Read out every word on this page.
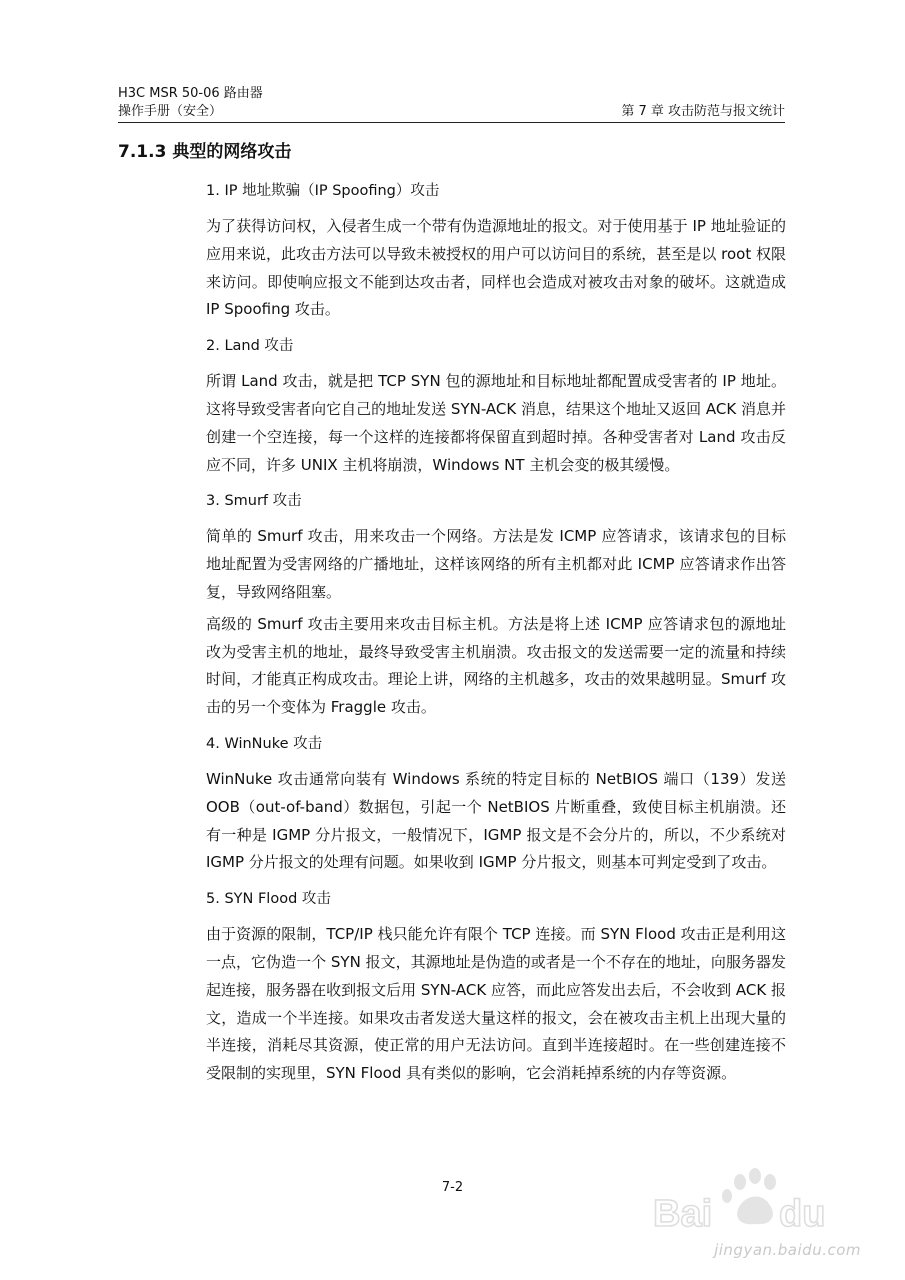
H3C MSR 50-06 路由器
操作手册（安全）	第 7 章 攻击防范与报文统计
7.1.3 典型的网络攻击
1. IP 地址欺骗（IP Spoofing）攻击

为了获得访问权，入侵者生成一个带有伪造源地址的报文。对于使用基于 IP 地址验证的应用来说，此攻击方法可以导致未被授权的用户可以访问目的系统，甚至是以 root 权限来访问。即使响应报文不能到达攻击者，同样也会造成对被攻击对象的破坏。这就造成 IP Spoofing 攻击。

2. Land 攻击

所谓 Land 攻击，就是把 TCP SYN 包的源地址和目标地址都配置成受害者的 IP 地址。这将导致受害者向它自己的地址发送 SYN-ACK 消息，结果这个地址又返回 ACK 消息并创建一个空连接，每一个这样的连接都将保留直到超时掉。各种受害者对 Land 攻击反应不同，许多 UNIX 主机将崩溃，Windows NT 主机会变的极其缓慢。

3. Smurf 攻击

简单的 Smurf 攻击，用来攻击一个网络。方法是发 ICMP 应答请求，该请求包的目标地址配置为受害网络的广播地址，这样该网络的所有主机都对此 ICMP 应答请求作出答复，导致网络阻塞。

高级的 Smurf 攻击主要用来攻击目标主机。方法是将上述 ICMP 应答请求包的源地址改为受害主机的地址，最终导致受害主机崩溃。攻击报文的发送需要一定的流量和持续时间，才能真正构成攻击。理论上讲，网络的主机越多，攻击的效果越明显。Smurf 攻击的另一个变体为 Fraggle 攻击。

4. WinNuke 攻击

WinNuke 攻击通常向装有 Windows 系统的特定目标的 NetBIOS 端口（139）发送 OOB（out-of-band）数据包，引起一个 NetBIOS 片断重叠，致使目标主机崩溃。还有一种是 IGMP 分片报文，一般情况下，IGMP 报文是不会分片的，所以，不少系统对 IGMP 分片报文的处理有问题。如果收到 IGMP 分片报文，则基本可判定受到了攻击。

5. SYN Flood 攻击

由于资源的限制，TCP/IP 栈只能允许有限个 TCP 连接。而 SYN Flood 攻击正是利用这一点，它伪造一个 SYN 报文，其源地址是伪造的或者是一个不存在的地址，向服务器发起连接，服务器在收到报文后用 SYN-ACK 应答，而此应答发出去后，不会收到 ACK 报文，造成一个半连接。如果攻击者发送大量这样的报文，会在被攻击主机上出现大量的半连接，消耗尽其资源，使正常的用户无法访问。直到半连接超时。在一些创建连接不受限制的实现里，SYN Flood 具有类似的影响，它会消耗掉系统的内存等资源。

7-2
Bai du
jingyan.baidu.com
